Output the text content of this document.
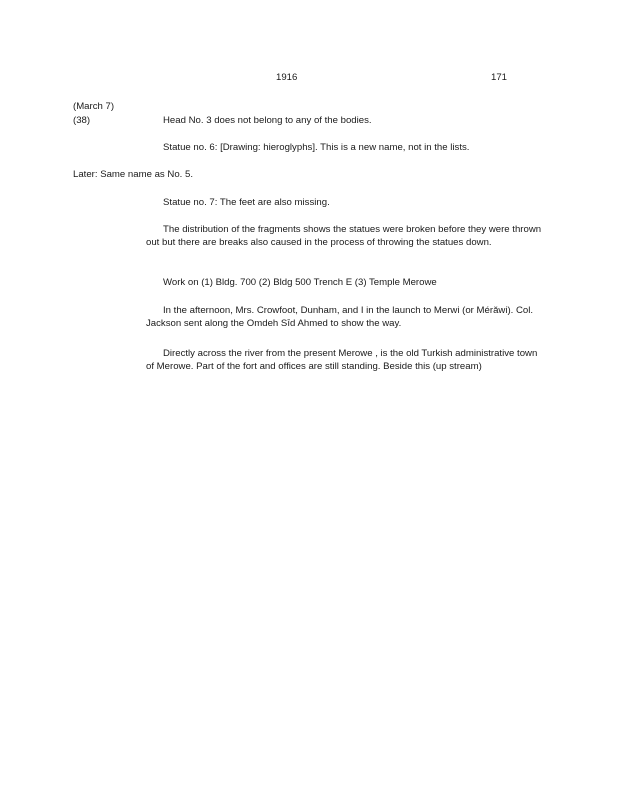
1916	171
(March 7)
(38)	Head No. 3 does not belong to any of the bodies.
Statue no. 6: [Drawing: hieroglyphs]. This is a new name, not in the lists.
Later: Same name as No. 5.
Statue no. 7: The feet are also missing.
The distribution of the fragments shows the statues were broken before they were thrown out but there are breaks also caused in the process of throwing the statues down.
Work on (1) Bldg. 700 (2) Bldg 500 Trench E (3) Temple Merowe
In the afternoon, Mrs. Crowfoot, Dunham, and I in the launch to Merwi (or Mérăwi). Col. Jackson sent along the Omdeh Sīd Ahmed to show the way.
Directly across the river from the present Merowe , is the old Turkish administrative town of Merowe. Part of the fort and offices are still standing. Beside this (up stream)
